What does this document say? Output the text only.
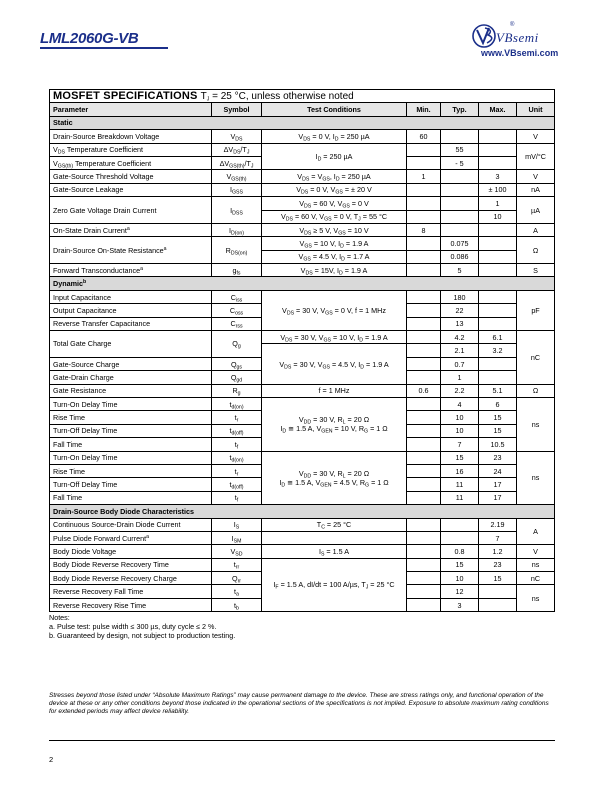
LML2060G-VB
®
VBsemi
www.VBsemi.com
MOSFET SPECIFICATIONS $T_J = 25$ °C, unless otherwise noted						
Parameter	Symbol	Test Conditions	Min.	Typ.	Max.	Unit
Static						
Drain-Source Breakdown Voltage	$V_{DS}$	$V_{DS} = 0$ V, $I_D = 250$ µA	60			V
$V_{DS}$ Temperature Coefficient	$\Delta V_{DS}/T_J$	$I_D = 250$ µA		55		mV/°C
$V_{GS(th)}$ Temperature Coefficient	$\Delta V_{GS(th)}/T_J$			- 5		
Gate-Source Threshold Voltage	$V_{GS(th)}$	$V_{DS} = V_{GS}$, $I_D = 250$ µA	1		3	V
Gate-Source Leakage	$I_{GSS}$	$V_{DS} = 0$ V, $V_{GS}$ = ± 20 V			± 100	nA
Zero Gate Voltage Drain Current	$I_{DSS}$	$V_{DS} = 60$ V, $V_{GS} = 0$ V			1	µA
		$V_{DS} = 60$ V, $V_{GS} = 0$ V, $T_J = 55$ °C			10	
On-State Drain Current$^a$	$I_{D(on)}$	$V_{DS} \ge 5$ V, $V_{GS} = 10$ V	8			A
Drain-Source On-State Resistance$^a$	$R_{DS(on)}$	$V_{GS} = 10$ V, $I_D = 1.9$ A		0.075		Ω
		$V_{GS} = 4.5$ V, $I_D = 1.7$ A		0.086		
Forward Transconductance$^a$	$g_{fs}$	$V_{DS} = 15V$, $I_D = 1.9$ A		5		S
Dynamic$^b$
Input Capacitance	$C_{iss}$	$V_{DS} = 30$ V, $V_{GS} = 0$ V, f = 1 MHz		180		pF
Output Capacitance	$C_{oss}$			22		
Reverse Transfer Capacitance	$C_{rss}$			13		
Total Gate Charge	$Q_g$	$V_{DS} = 30$ V, $V_{GS} = 10$ V, $I_D = 1.9$ A		4.2	6.1	nC
		$V_{DS} = 30$ V, $V_{GS} = 4.5$ V, $I_D = 1.9$ A		2.1	3.2	
Gate-Source Charge	$Q_{gs}$			0.7		
Gate-Drain Charge	$Q_{gd}$			1		
Gate Resistance	$R_g$	f = 1 MHz	0.6	2.2	5.1	Ω
Turn-On Delay Time	$t_{d(on)}$	$V_{DD} = 30$ V, $R_L = 20$ Ω
$I_D$ ≅ 1.5 A, $V_{GEN} = 10$ V, $R_G = 1$ Ω		4	6	ns
Rise Time	$t_r$			10	15	
Turn-Off Delay Time	$t_{d(off)}$			10	15	
Fall Time	$t_f$			7	10.5	
Turn-On Delay Time	$t_{d(on)}$	$V_{DD} = 30$ V, $R_L = 20$ Ω
$I_D$ ≅ 1.5 A, $V_{GEN} = 4.5$ V, $R_G = 1$ Ω		15	23	ns
Rise Time	$t_r$			16	24	
Turn-Off Delay Time	$t_{d(off)}$			11	17	
Fall Time	$t_f$			11	17	
Drain-Source Body Diode Characteristics						
Continuous Source-Drain Diode Current	$I_S$	$T_C = 25$ °C			2.19	A
Pulse Diode Forward Current$^a$	$I_{SM}$				7	
Body Diode Voltage	$V_{SD}$	$I_S = 1.5$ A		0.8	1.2	V
Body Diode Reverse Recovery Time	$t_{rr}$	$I_F = 1.5$ A, dI/dt = 100 A/µs, $T_J = 25$ °C		15	23	ns
Body Diode Reverse Recovery Charge	$Q_{rr}$			10	15	nC
Reverse Recovery Fall Time	$t_a$			12		ns
Reverse Recovery Rise Time	$t_b$			3		
Notes:
a. Pulse test: pulse width ≤ 300 µs, duty cycle ≤ 2 %.
b. Guaranteed by design, not subject to production testing.
Stresses beyond those listed under “Absolute Maximum Ratings” may cause permanent damage to the device. These are stress ratings only, and functional operation of the device at these or any other conditions beyond those indicated in the operational sections of the specifications is not implied. Exposure to absolute maximum rating conditions for extended periods may affect device reliability.
2
